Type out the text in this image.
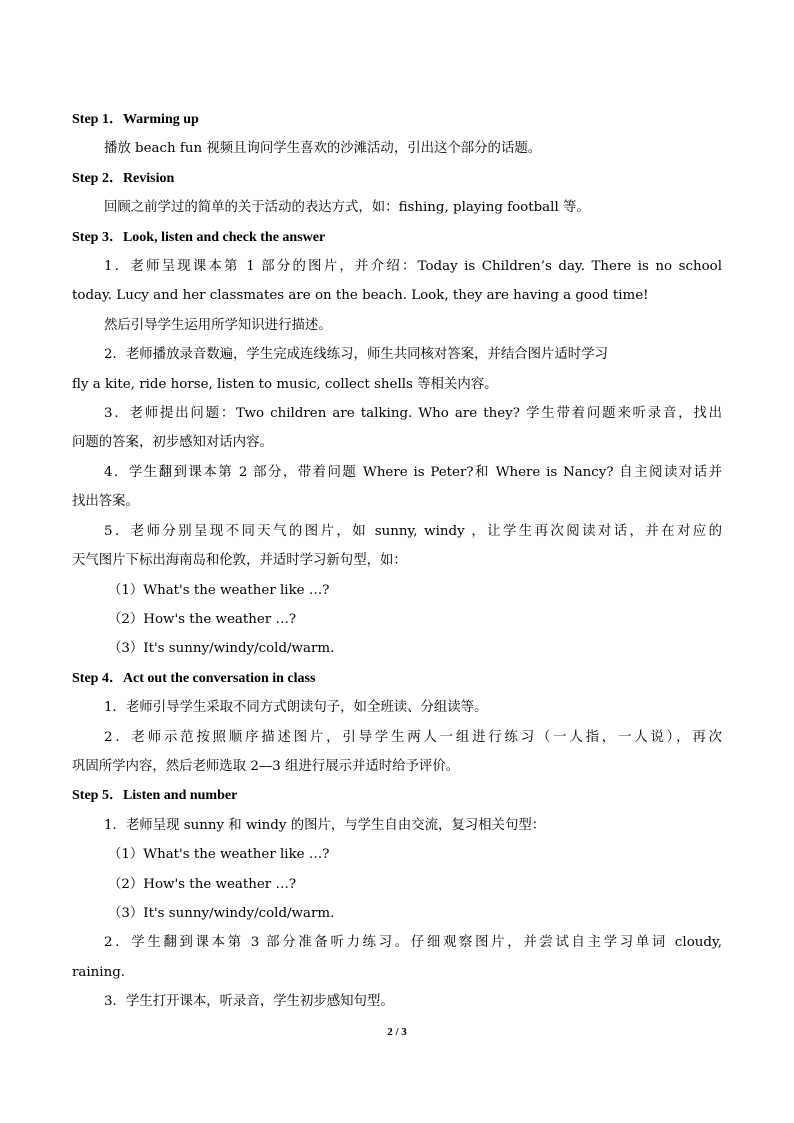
Step 1．Warming up

播放 beach fun 视频且询问学生喜欢的沙滩活动，引出这个部分的话题。

Step 2．Revision

回顾之前学过的简单的关于活动的表达方式，如：fishing, playing football 等。

Step 3．Look, listen and check the answer

1．老师呈现课本第 1 部分的图片，并介绍：Today is Children’s day. There is no school

today. Lucy and her classmates are on the beach. Look, they are having a good time!

然后引导学生运用所学知识进行描述。

2．老师播放录音数遍，学生完成连线练习，师生共同核对答案，并结合图片适时学习

fly a kite, ride horse, listen to music, collect shells 等相关内容。

3．老师提出问题：Two children are talking. Who are they? 学生带着问题来听录音，找出

问题的答案，初步感知对话内容。

4．学生翻到课本第 2 部分，带着问题 Where is Peter?和 Where is Nancy? 自主阅读对话并

找出答案。

5．老师分别呈现不同天气的图片，如 sunny, windy ，让学生再次阅读对话，并在对应的

天气图片下标出海南岛和伦敦，并适时学习新句型，如：

（1）What's the weather like …?

（2）How's the weather …?

（3）It's sunny/windy/cold/warm.

Step 4．Act out the conversation in class

1．老师引导学生采取不同方式朗读句子，如全班读、分组读等。

2．老师示范按照顺序描述图片，引导学生两人一组进行练习（一人指，一人说），再次

巩固所学内容，然后老师选取 2—3 组进行展示并适时给予评价。

Step 5．Listen and number

1．老师呈现 sunny 和 windy 的图片，与学生自由交流，复习相关句型：

（1）What's the weather like …?

（2）How's the weather …?

（3）It's sunny/windy/cold/warm.

2．学生翻到课本第 3 部分准备听力练习。仔细观察图片，并尝试自主学习单词 cloudy,

raining.

3．学生打开课本，听录音，学生初步感知句型。

2 / 3
